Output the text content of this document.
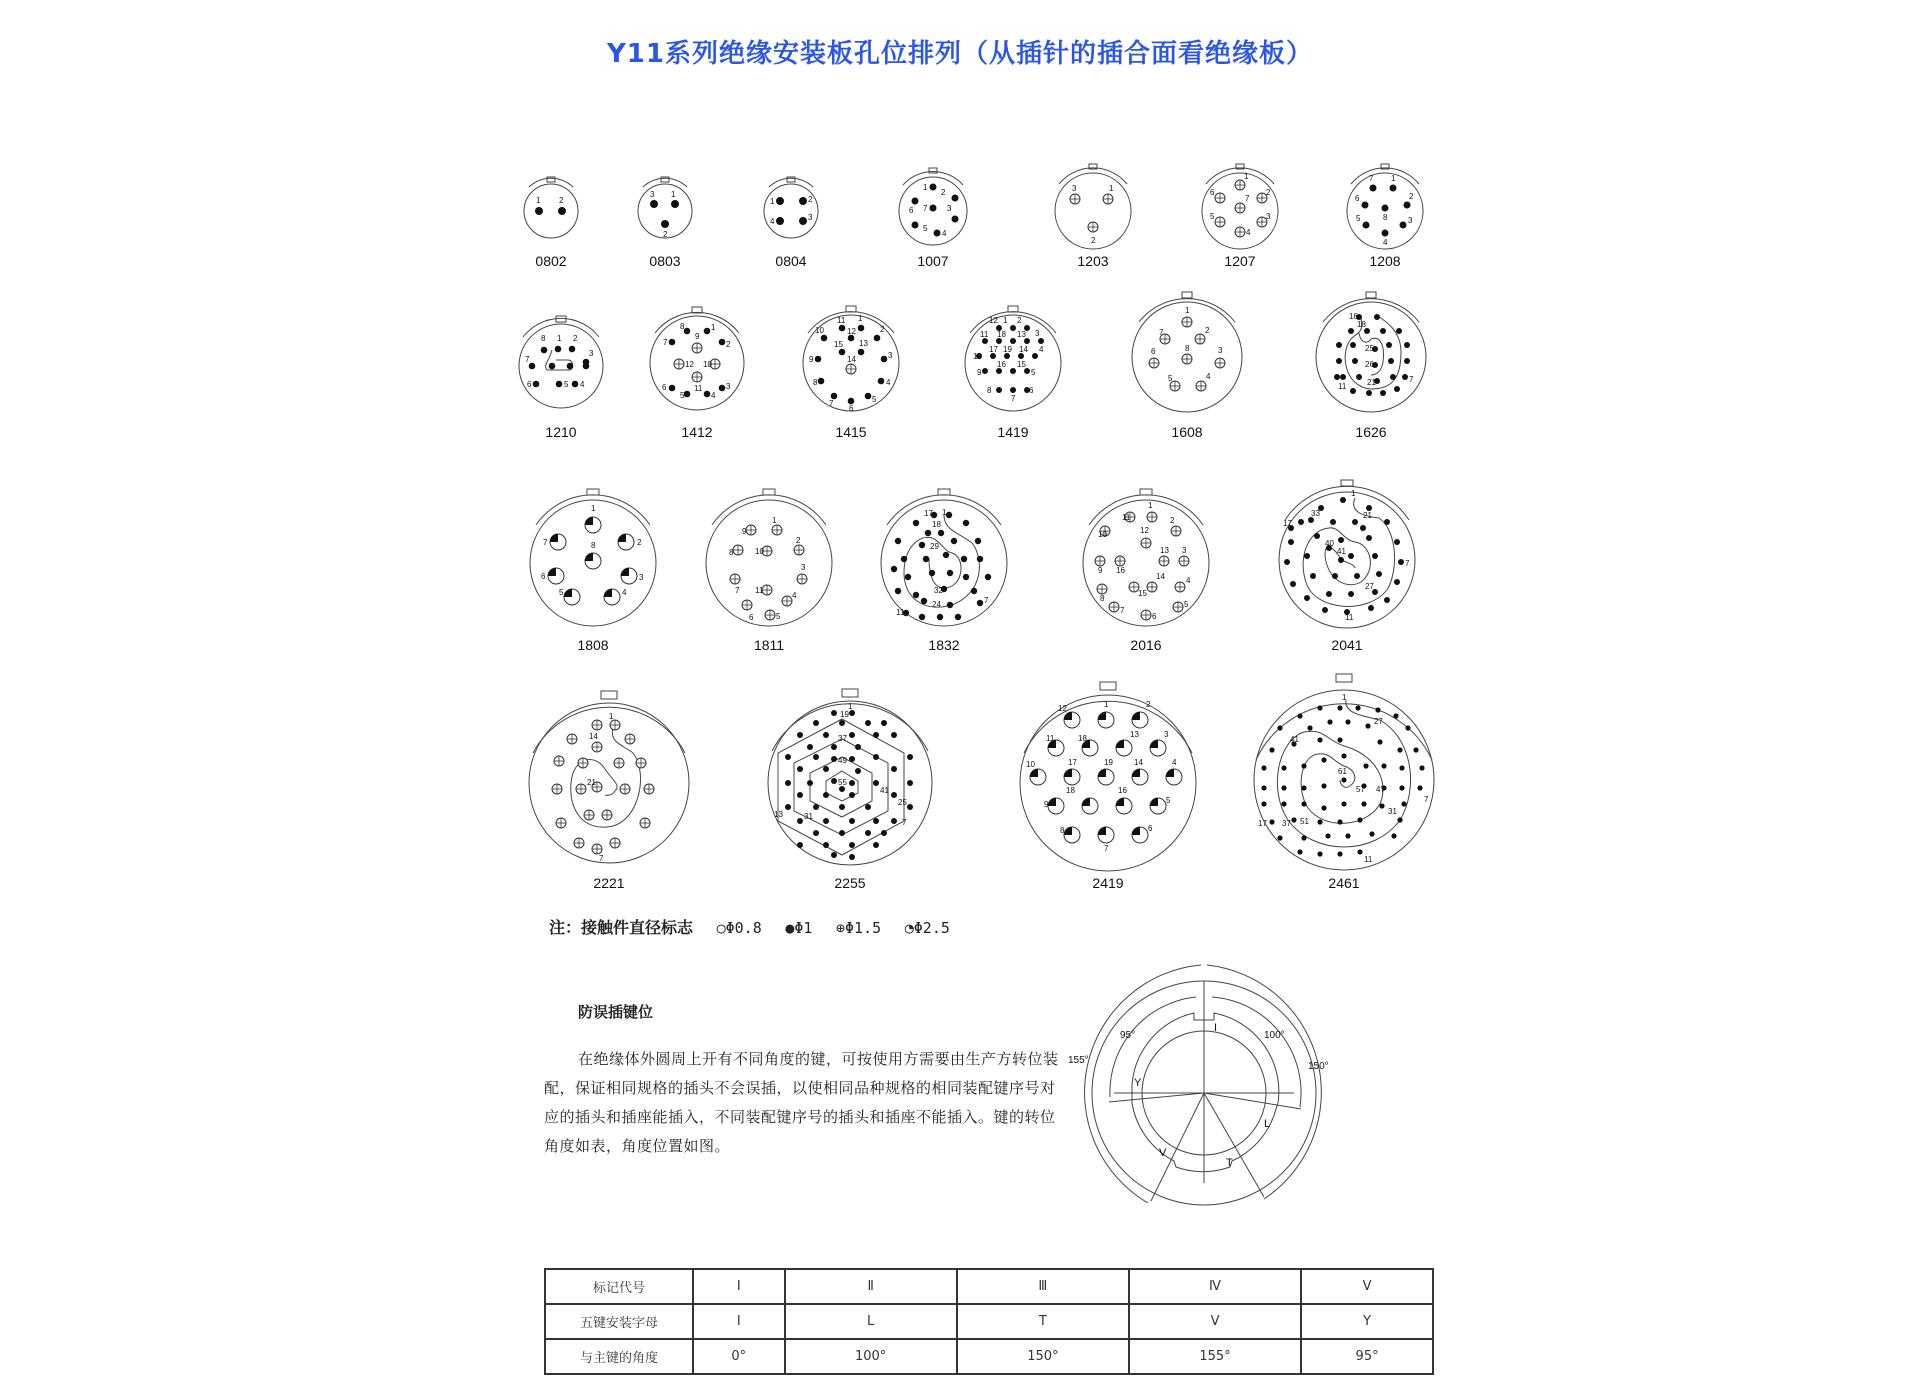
Y11系列绝缘安装板孔位排列（从插针的插合面看绝缘板）
1 2
3 1
2
1	2
4	3
1
2
3
4
5
6 7
3	1
2
1
2
3
4
5
6
7
7 1
2
3
4
5
6
8
0802	0803	0804	1007	1203	1207	1208
8 1 2
3
7
6	5 4
8	1
7	2
9
12 10
11
6	3
5	4
11 1
10	2
12
15 13
9	3
14
8	4
7	5
6
1
12 2
11 18 13 3
10
17 19 14 4
16 15
9	5
8
7
6
1
7	2
6	8	3
5	4
16
18
25
26
21
11
7
1210	1412	1415	1419	1608	1626
1
7	2
8
6	3
5	4
9
1
8	10
2
7 11
3
6
4
5
17 1
18
29
32
24	7
11
11
1
10
2
12
9 16
13 3
14
8
15
4
7
6
5
1
21
33
17
40
41
7
27
11
1808	1811	1832	2016	2041
1
14
21
7
19
1
37
49
55
41
25
13	31
7
12	1	2
11	18	13	3
10	17	19	14	4
18	16
9	5
8
7
6
1
27
41
61
57 47
7
31
17 37 51
11
2221	2255	2419	2461
95°	100°
155°
150°
I
Y
L
V
T
注：接触件直径标志 ○Φ0.8 ●Φ1 ⊕Φ1.5 ◔Φ2.5
防误插键位
在绝缘体外圆周上开有不同角度的键，可按使用方需要由生产方转位装配，保证相同规格的插头不会误插，以使相同品种规格的相同装配键序号对应的插头和插座能插入，不同装配键序号的插头和插座不能插入。键的转位角度如表，角度位置如图。
标记代号	Ⅰ	Ⅱ	Ⅲ	Ⅳ	Ⅴ
五键安装字母	I	L	T	V	Y
与主键的角度	0°	100°	150°	155°	95°
